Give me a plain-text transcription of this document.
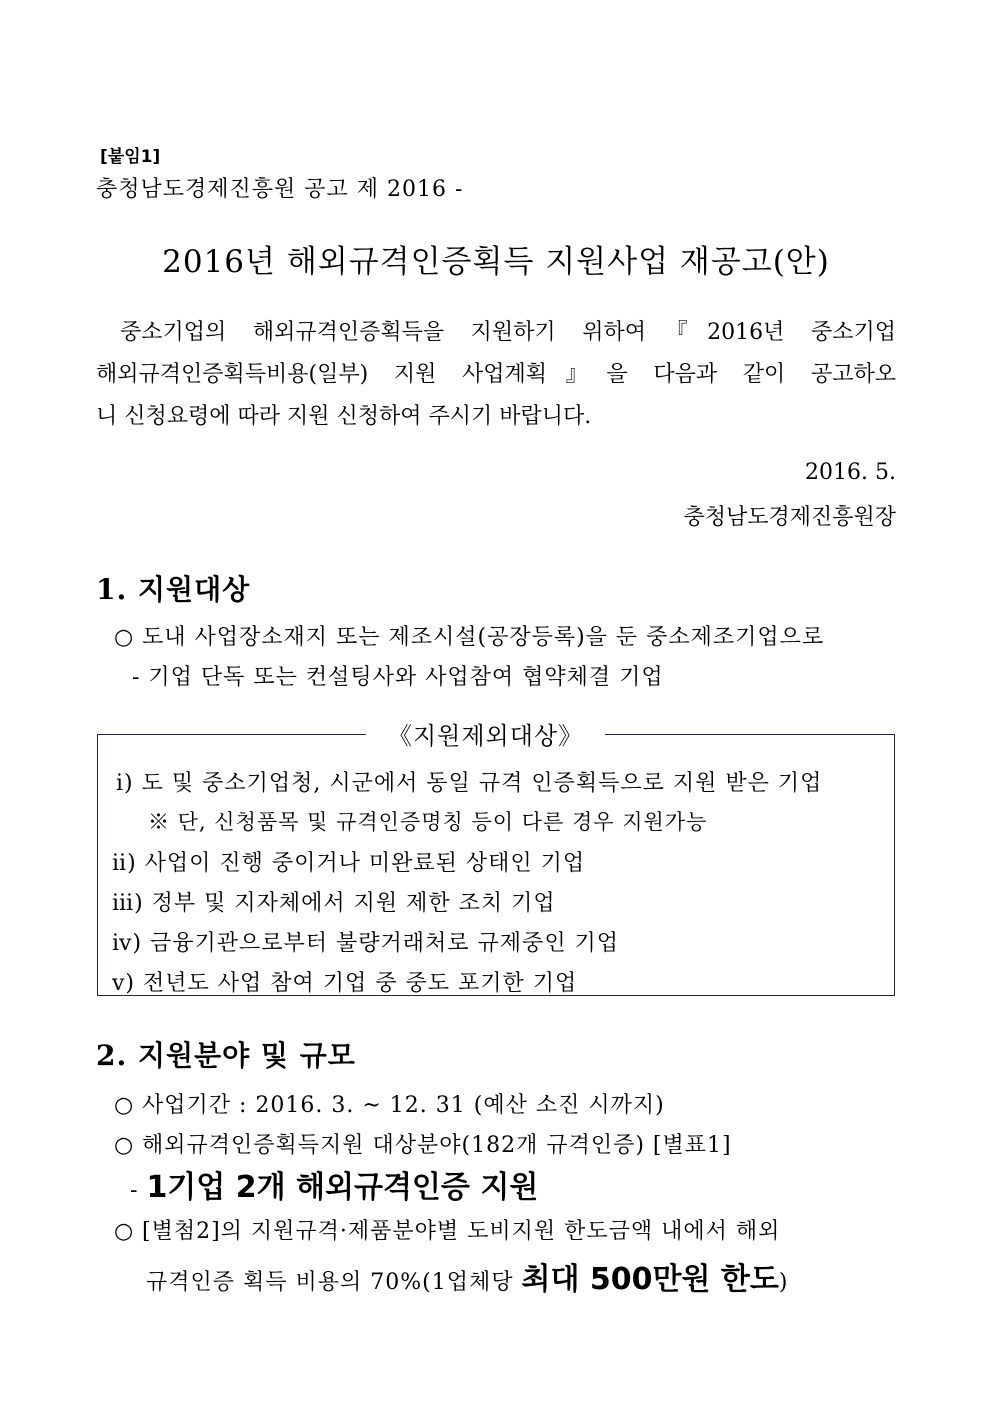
[붙임1]
충청남도경제진흥원 공고 제 2016 -
2016년 해외규격인증획득 지원사업 재공고(안)

중소기업의 해외규격인증획득을 지원하기 위하여『2016년 중소기업

해외규격인증획득비용(일부) 지원 사업계획』을 다음과 같이 공고하오

니 신청요령에 따라 지원 신청하여 주시기 바랍니다.

2016. 5.
충청남도경제진흥원장
1. 지원대상
○ 도내 사업장소재지 또는 제조시설(공장등록)을 둔 중소제조기업으로
- 기업 단독 또는 컨설팅사와 사업참여 협약체결 기업
《지원제외대상》
ⅰ) 도 및 중소기업청, 시군에서 동일 규격 인증획득으로 지원 받은 기업
※ 단, 신청품목 및 규격인증명칭 등이 다른 경우 지원가능
ⅱ) 사업이 진행 중이거나 미완료된 상태인 기업
ⅲ) 정부 및 지자체에서 지원 제한 조치 기업
ⅳ) 금융기관으로부터 불량거래처로 규제중인 기업
ⅴ) 전년도 사업 참여 기업 중 중도 포기한 기업
2. 지원분야 및 규모
○ 사업기간 : 2016. 3. ~ 12. 31 (예산 소진 시까지)
○ 해외규격인증획득지원 대상분야(182개 규격인증) [별표1]
- 1기업 2개 해외규격인증 지원
○ [별첨2]의 지원규격·제품분야별 도비지원 한도금액 내에서 해외
규격인증 획득 비용의 70%(1업체당 최대 500만원 한도)
